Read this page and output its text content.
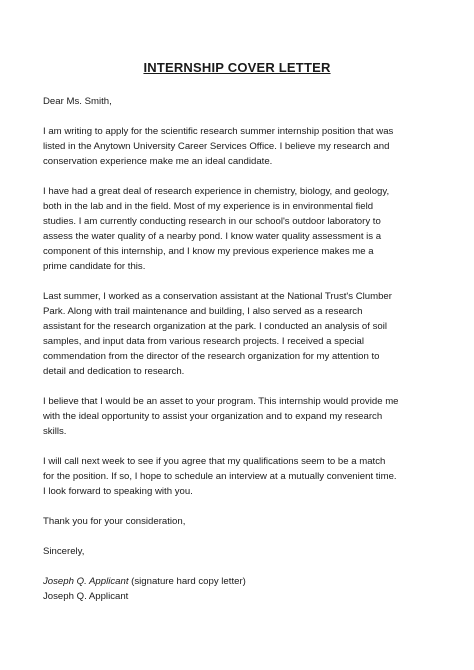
INTERNSHIP COVER LETTER
Dear Ms. Smith,
I am writing to apply for the scientific research summer internship position that was
listed in the Anytown University Career Services Office. I believe my research and
conservation experience make me an ideal candidate.
I have had a great deal of research experience in chemistry, biology, and geology,
both in the lab and in the field. Most of my experience is in environmental field
studies. I am currently conducting research in our school's outdoor laboratory to
assess the water quality of a nearby pond. I know water quality assessment is a
component of this internship, and I know my previous experience makes me a
prime candidate for this.
Last summer, I worked as a conservation assistant at the National Trust's Clumber
Park. Along with trail maintenance and building, I also served as a research
assistant for the research organization at the park. I conducted an analysis of soil
samples, and input data from various research projects. I received a special
commendation from the director of the research organization for my attention to
detail and dedication to research.
I believe that I would be an asset to your program. This internship would provide me
with the ideal opportunity to assist your organization and to expand my research
skills.
I will call next week to see if you agree that my qualifications seem to be a match
for the position. If so, I hope to schedule an interview at a mutually convenient time.
I look forward to speaking with you.
Thank you for your consideration,
Sincerely,
Joseph Q. Applicant (signature hard copy letter)
Joseph Q. Applicant
